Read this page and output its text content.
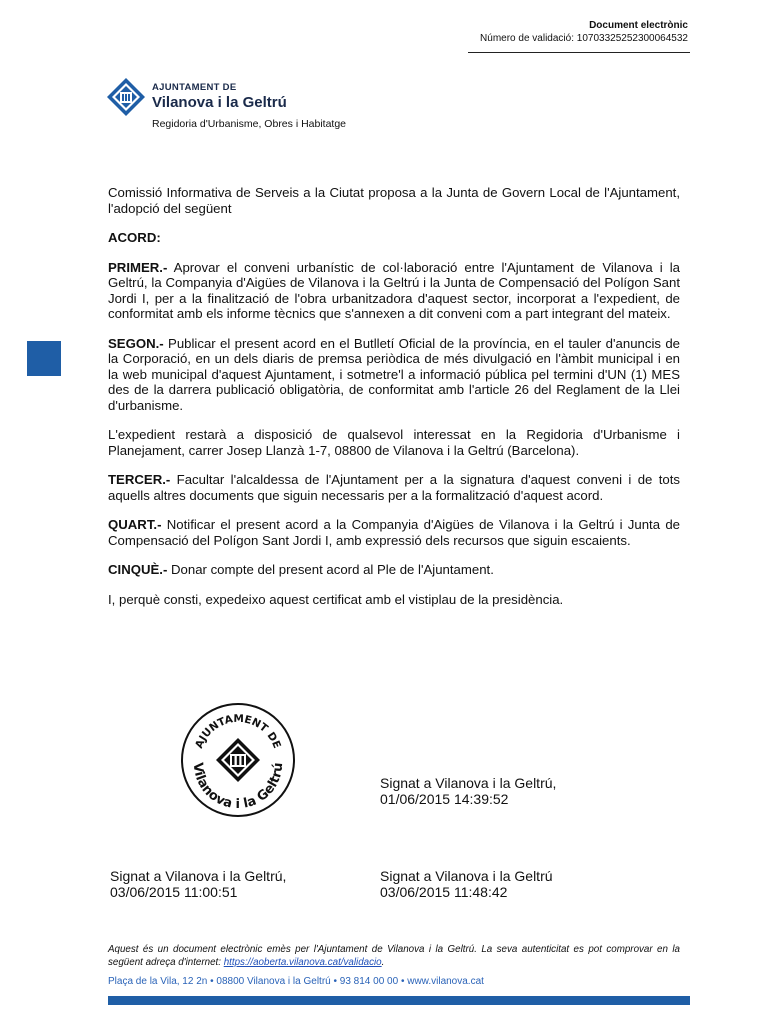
Document electrònic
Número de validació: 10703325252300064532
AJUNTAMENT DE
Vilanova i la Geltrú
Regidoria d'Urbanisme, Obres i Habitatge

Comissió Informativa de Serveis a la Ciutat proposa a la Junta de Govern Local de l'Ajuntament, l'adopció del següent

ACORD:

PRIMER.- Aprovar el conveni urbanístic de col·laboració entre l'Ajuntament de Vilanova i la Geltrú, la Companyia d'Aigües de Vilanova i la Geltrú i la Junta de Compensació del Polígon Sant Jordi I, per a la finalització de l'obra urbanitzadora d'aquest sector, incorporat a l'expedient, de conformitat amb els informe tècnics que s'annexen a dit conveni com a part integrant del mateix.

SEGON.- Publicar el present acord en el Butlletí Oficial de la província, en el tauler d'anuncis de la Corporació, en un dels diaris de premsa periòdica de més divulgació en l'àmbit municipal i en la web municipal d'aquest Ajuntament, i sotmetre'l a informació pública pel termini d'UN (1) MES des de la darrera publicació obligatòria, de conformitat amb l'article 26 del Reglament de la Llei d'urbanisme.

L'expedient restarà a disposició de qualsevol interessat en la Regidoria d'Urbanisme i Planejament, carrer Josep Llanzà 1-7, 08800 de Vilanova i la Geltrú (Barcelona).

TERCER.- Facultar l'alcaldessa de l'Ajuntament per a la signatura d'aquest conveni i de tots aquells altres documents que siguin necessaris per a la formalització d'aquest acord.

QUART.- Notificar el present acord a la Companyia d'Aigües de Vilanova i la Geltrú i Junta de Compensació del Polígon Sant Jordi I, amb expressió dels recursos que siguin escaients.

CINQUÈ.- Donar compte del present acord al Ple de l'Ajuntament.

I, perquè consti, expedeixo aquest certificat amb el vistiplau de la presidència.

AJUNTAMENT DE
Vilanova i la Geltrú
Signat a Vilanova i la Geltrú,
01/06/2015 14:39:52
Signat a Vilanova i la Geltrú,
03/06/2015 11:00:51
Signat a Vilanova i la Geltrú
03/06/2015 11:48:42
Aquest és un document electrònic emès per l'Ajuntament de Vilanova i la Geltrú. La seva autenticitat es pot comprovar en la següent adreça d'internet: https://aoberta.vilanova.cat/validacio.
Plaça de la Vila, 12 2n • 08800 Vilanova i la Geltrú • 93 814 00 00 • www.vilanova.cat
